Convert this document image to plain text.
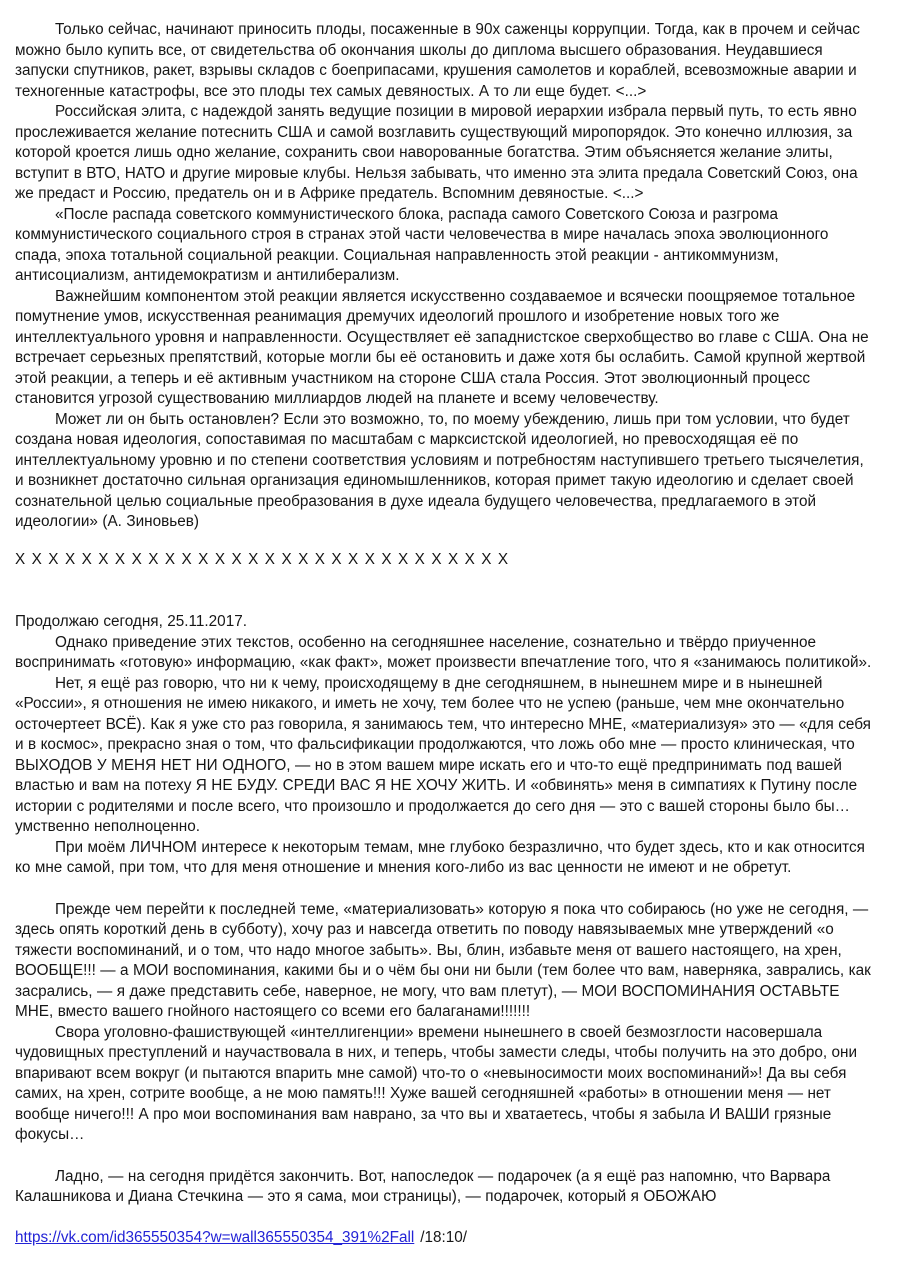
Только сейчас, начинают приносить плоды, посаженные в 90х саженцы коррупции. Тогда, как в прочем и сейчас можно было купить все, от свидетельства об окончания школы до диплома высшего образования. Неудавшиеся запуски спутников, ракет, взрывы складов с боеприпасами, крушения самолетов и кораблей, всевозможные аварии и техногенные катастрофы, все это плоды тех самых девяностых. А то ли еще будет. <...>

Российская элита, с надеждой занять ведущие позиции в мировой иерархии избрала первый путь, то есть явно прослеживается желание потеснить США и самой возглавить существующий миропорядок. Это конечно иллюзия, за которой кроется лишь одно желание, сохранить свои наворованные богатства. Этим объясняется желание элиты, вступит в ВТО, НАТО и другие мировые клубы. Нельзя забывать, что именно эта элита предала Советский Союз, она же предаст и Россию, предатель он и в Африке предатель. Вспомним девяностые. <...>

«После распада советского коммунистического блока, распада самого Советского Союза и разгрома коммунистического социального строя в странах этой части человечества в мире началась эпоха эволюционного спада, эпоха тотальной социальной реакции. Социальная направленность этой реакции - антикоммунизм, антисоциализм, антидемократизм и антилиберализм.

Важнейшим компонентом этой реакции является искусственно создаваемое и всячески поощряемое тотальное помутнение умов, искусственная реанимация дремучих идеологий прошлого и изобретение новых того же интеллектуального уровня и направленности. Осуществляет её западнистское сверхобщество во главе с США. Она не встречает серьезных препятствий, которые могли бы её остановить и даже хотя бы ослабить. Самой крупной жертвой этой реакции, а теперь и её активным участником на стороне США стала Россия. Этот эволюционный процесс становится угрозой существованию миллиардов людей на планете и всему человечеству.

Может ли он быть остановлен? Если это возможно, то, по моему убеждению, лишь при том условии, что будет создана новая идеология, сопоставимая по масштабам с марксистской идеологией, но превосходящая её по интеллектуальному уровню и по степени соответствия условиям и потребностям наступившего третьего тысячелетия, и возникнет достаточно сильная организация единомышленников, которая примет такую идеологию и сделает своей сознательной целью социальные преобразования в духе идеала будущего человечества, предлагаемого в этой идеологии» (А. Зиновьев)

Х Х Х Х Х Х Х Х Х Х Х Х Х Х Х Х Х Х Х Х Х Х Х Х Х Х Х Х Х Х

Продолжаю сегодня, 25.11.2017.

Однако приведение этих текстов, особенно на сегодняшнее население, сознательно и твёрдо приученное воспринимать «готовую» информацию, «как факт», может произвести впечатление того, что я «занимаюсь политикой».

Нет, я ещё раз говорю, что ни к чему, происходящему в дне сегодняшнем, в нынешнем мире и в нынешней «России», я отношения не имею никакого, и иметь не хочу, тем более что не успею (раньше, чем мне окончательно осточертеет ВСЁ). Как я уже сто раз говорила, я занимаюсь тем, что интересно МНЕ, «материализуя» это — «для себя и в космос», прекрасно зная о том, что фальсификации продолжаются, что ложь обо мне — просто клиническая, что ВЫХОДОВ У МЕНЯ НЕТ НИ ОДНОГО, — но в этом вашем мире искать его и что-то ещё предпринимать под вашей властью и вам на потеху Я НЕ БУДУ. СРЕДИ ВАС Я НЕ ХОЧУ ЖИТЬ. И «обвинять» меня в симпатиях к Путину после истории с родителями и после всего, что произошло и продолжается до сего дня — это с вашей стороны было бы… умственно неполноценно.

При моём ЛИЧНОМ интересе к некоторым темам, мне глубоко безразлично, что будет здесь, кто и как относится ко мне самой, при том, что для меня отношение и мнения кого-либо из вас ценности не имеют и не обретут.

Прежде чем перейти к последней теме, «материализовать» которую я пока что собираюсь (но уже не сегодня, — здесь опять короткий день в субботу), хочу раз и навсегда ответить по поводу навязываемых мне утверждений «о тяжести воспоминаний, и о том, что надо многое забыть». Вы, блин, избавьте меня от вашего настоящего, на хрен, ВООБЩЕ!!! — а МОИ воспоминания, какими бы и о чём бы они ни были (тем более что вам, наверняка, заврались, как засрались, — я даже представить себе, наверное, не могу, что вам плетут), — МОИ ВОСПОМИНАНИЯ ОСТАВЬТЕ МНЕ, вместо вашего гнойного настоящего со всеми его балаганами!!!!!!!

Свора уголовно-фашиствующей «интеллигенции» времени нынешнего в своей безмозглости насовершала чудовищных преступлений и научаствовала в них, и теперь, чтобы замести следы, чтобы получить на это добро, они впаривают всем вокруг (и пытаются впарить мне самой) что-то о «невыносимости моих воспоминаний»! Да вы себя самих, на хрен, сотрите вообще, а не мою память!!! Хуже вашей сегодняшней «работы» в отношении меня — нет вообще ничего!!! А про мои воспоминания вам наврано, за что вы и хватаетесь, чтобы я забыла И ВАШИ грязные фокусы…

Ладно, — на сегодня придётся закончить. Вот, напоследок — подарочек (а я ещё раз напомню, что Варвара Калашникова и Диана Стечкина — это я сама, мои страницы), — подарочек, который я ОБОЖАЮ

https://vk.com/id365550354?w=wall365550354_391%2Fall /18:10/
